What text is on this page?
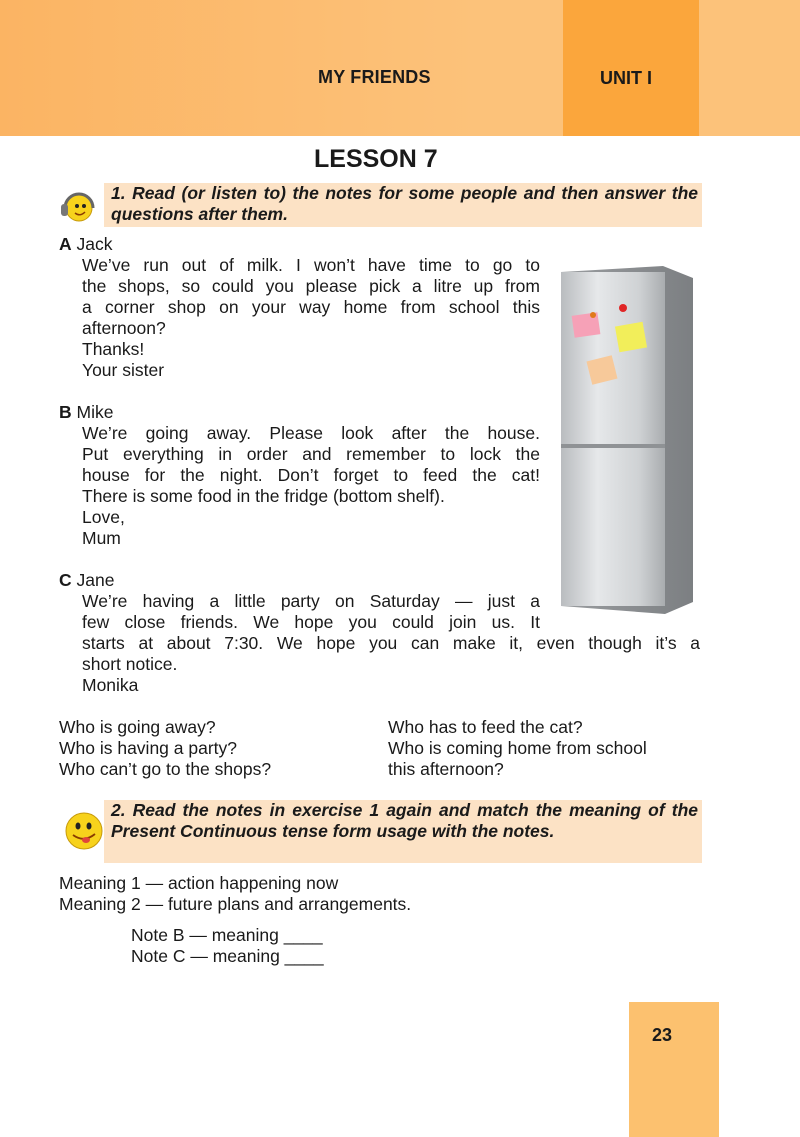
MY FRIENDS	UNIT I
LESSON 7
1. Read (or listen to) the notes for some people and then answer the questions after them.
A Jack
We’ve run out of milk. I won’t have time to go to
the shops, so could you please pick a litre up from
a corner shop on your way home from school this
afternoon?
Thanks!
Your sister
B Mike
We’re going away. Please look after the house.
Put everything in order and remember to lock the
house for the night. Don’t forget to feed the cat!
There is some food in the fridge (bottom shelf).
Love,
Mum
C Jane
We’re having a little party on Saturday — just a
few close friends. We hope you could join us. It
starts at about 7:30. We hope you can make it, even though it’s a
short notice.
Monika
Who is going away?
Who is having a party?
Who can’t go to the shops?
Who has to feed the cat?
Who is coming home from school
this afternoon?
2. Read the notes in exercise 1 again and match the meaning of the Present Continuous tense form usage with the notes.
Meaning 1 — action happening now
Meaning 2 — future plans and arrangements.
Note B — meaning ____
Note C — meaning ____
23
